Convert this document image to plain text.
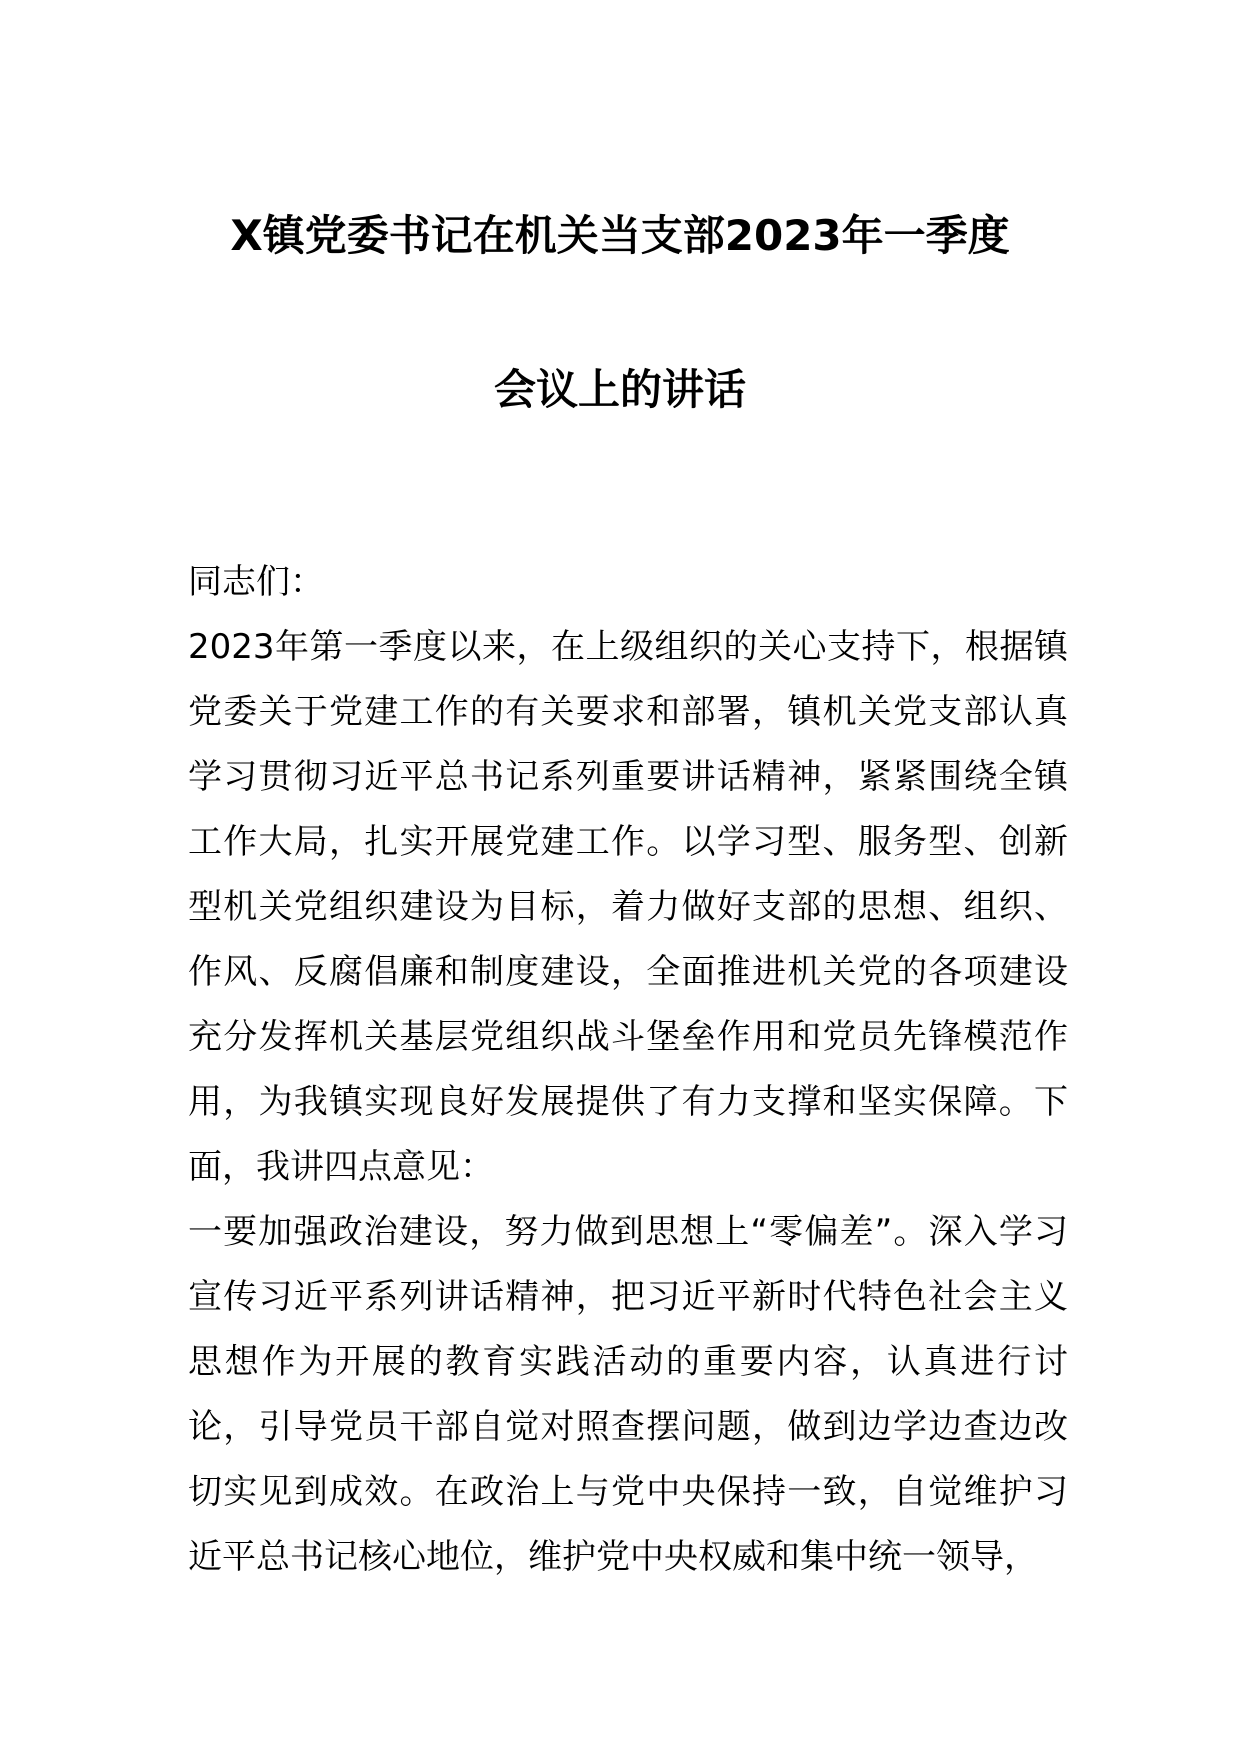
X镇党委书记在机关当支部2023年一季度
会议上的讲话

同志们：

2023年第一季度以来，在上级组织的关心支持下，根据镇党委关于党建工作的有关要求和部署，镇机关党支部认真学习贯彻习近平总书记系列重要讲话精神，紧紧围绕全镇工作大局，扎实开展党建工作。以学习型、服务型、创新型机关党组织建设为目标，着力做好支部的思想、组织、作风、反腐倡廉和制度建设，全面推进机关党的各项建设充分发挥机关基层党组织战斗堡垒作用和党员先锋模范作用，为我镇实现良好发展提供了有力支撑和坚实保障。下面，我讲四点意见：

一要加强政治建设，努力做到思想上“零偏差”。深入学习宣传习近平系列讲话精神，把习近平新时代特色社会主义思想作为开展的教育实践活动的重要内容，认真进行讨论，引导党员干部自觉对照查摆问题，做到边学边查边改切实见到成效。在政治上与党中央保持一致，自觉维护习近平总书记核心地位，维护党中央权威和集中统一领导，
